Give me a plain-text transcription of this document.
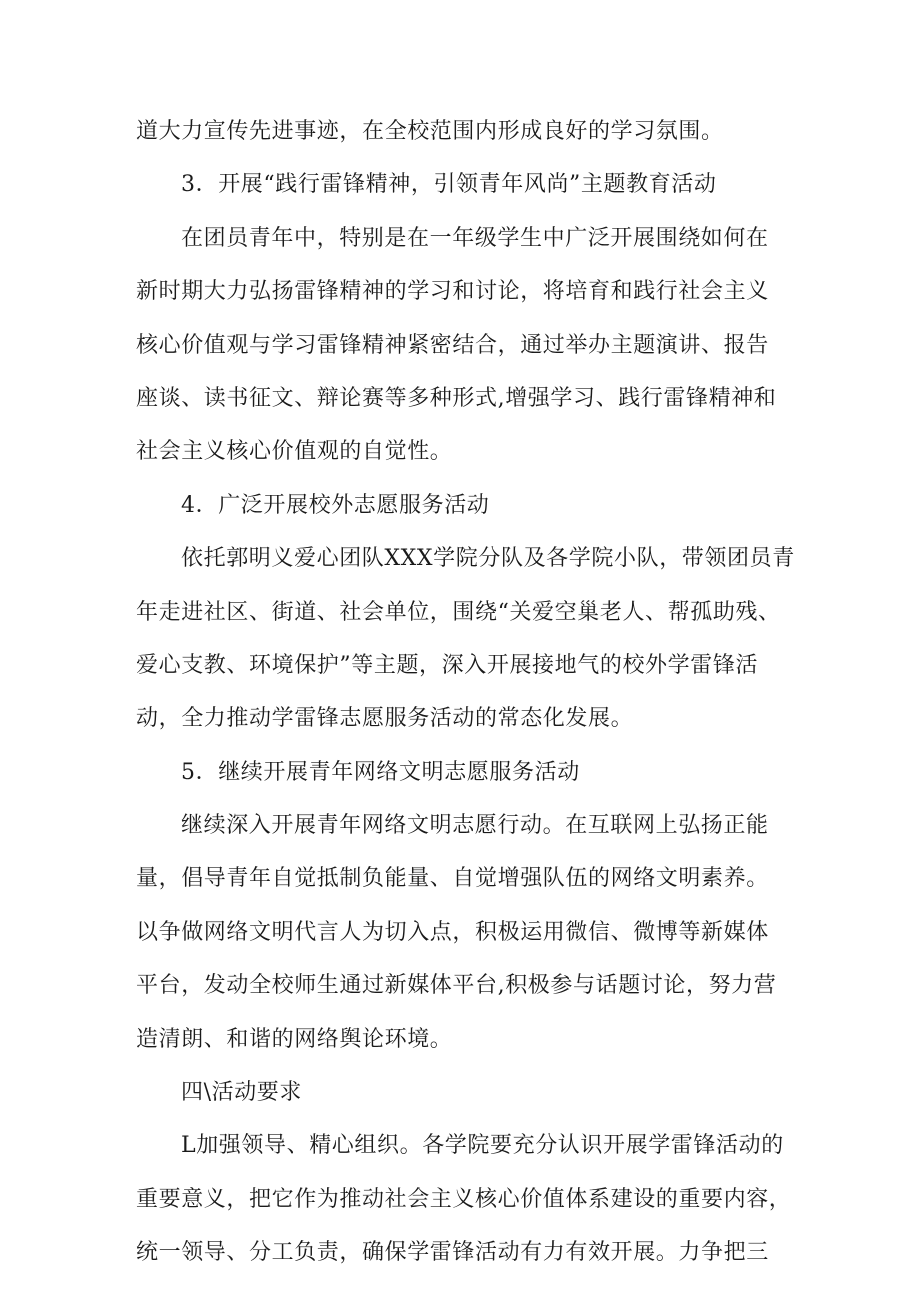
道大力宣传先进事迹，在全校范围内形成良好的学习氛围。
3．开展“践行雷锋精神，引领青年风尚”主题教育活动
在团员青年中，特别是在一年级学生中广泛开展围绕如何在
新时期大力弘扬雷锋精神的学习和讨论，将培育和践行社会主义
核心价值观与学习雷锋精神紧密结合，通过举办主题演讲、报告
座谈、读书征文、辩论赛等多种形式,增强学习、践行雷锋精神和
社会主义核心价值观的自觉性。
4．广泛开展校外志愿服务活动
依托郭明义爱心团队XXX学院分队及各学院小队，带领团员青
年走进社区、街道、社会单位，围绕“关爱空巢老人、帮孤助残、
爱心支教、环境保护”等主题，深入开展接地气的校外学雷锋活
动，全力推动学雷锋志愿服务活动的常态化发展。
5．继续开展青年网络文明志愿服务活动
继续深入开展青年网络文明志愿行动。在互联网上弘扬正能
量，倡导青年自觉抵制负能量、自觉增强队伍的网络文明素养。
以争做网络文明代言人为切入点，积极运用微信、微博等新媒体
平台，发动全校师生通过新媒体平台,积极参与话题讨论，努力营
造清朗、和谐的网络舆论环境。
四\活动要求
L加强领导、精心组织。各学院要充分认识开展学雷锋活动的
重要意义，把它作为推动社会主义核心价值体系建设的重要内容，
统一领导、分工负责，确保学雷锋活动有力有效开展。力争把三
